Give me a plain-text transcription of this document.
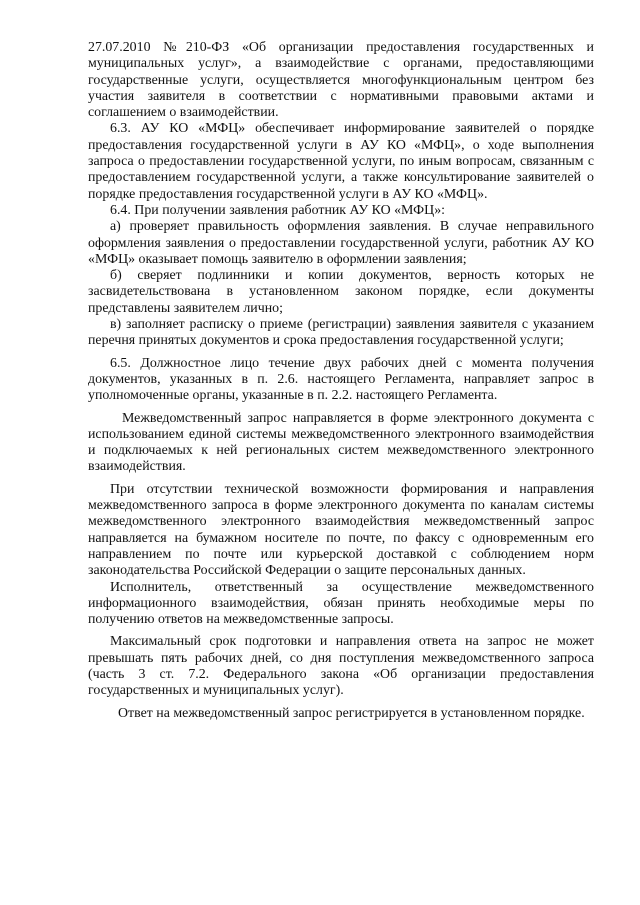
27.07.2010 №210-ФЗ «Об организации предоставления государственных и муниципальных услуг», а взаимодействие с органами, предоставляющими государственные услуги, осуществляется многофункциональным центром без участия заявителя в соответствии с нормативными правовыми актами и соглашением о взаимодействии.

6.3. АУ КО «МФЦ» обеспечивает информирование заявителей о порядке предоставления государственной услуги в АУ КО «МФЦ», о ходе выполнения запроса о предоставлении государственной услуги, по иным вопросам, связанным с предоставлением государственной услуги, а также консультирование заявителей о порядке предоставления государственной услуги в АУ КО «МФЦ».

6.4. При получении заявления работник АУ КО «МФЦ»:

а) проверяет правильность оформления заявления. В случае неправильного оформления заявления о предоставлении государственной услуги, работник АУ КО «МФЦ» оказывает помощь заявителю в оформлении заявления;

б) сверяет подлинники и копии документов, верность которых не засвидетельствована в установленном законом порядке, если документы представлены заявителем лично;

в) заполняет расписку о приеме (регистрации) заявления заявителя с указанием перечня принятых документов и срока предоставления государственной услуги;

6.5. Должностное лицо течение двух рабочих дней с момента получения документов, указанных в п. 2.6. настоящего Регламента, направляет запрос в уполномоченные органы, указанные в п. 2.2. настоящего Регламента.

Межведомственный запрос направляется в форме электронного документа с использованием единой системы межведомственного электронного взаимодействия и подключаемых к ней региональных систем межведомственного электронного взаимодействия.

При отсутствии технической возможности формирования и направления межведомственного запроса в форме электронного документа по каналам системы межведомственного электронного взаимодействия межведомственный запрос направляется на бумажном носителе по почте, по факсу с одновременным его направлением по почте или курьерской доставкой с соблюдением норм законодательства Российской Федерации о защите персональных данных.

Исполнитель, ответственный за осуществление межведомственного информационного взаимодействия, обязан принять необходимые меры по получению ответов на межведомственные запросы.

Максимальный срок подготовки и направления ответа на запрос не может превышать пять рабочих дней, со дня поступления межведомственного запроса (часть 3 ст. 7.2. Федерального закона «Об организации предоставления государственных и муниципальных услуг).

Ответ на межведомственный запрос регистрируется в установленном порядке.
